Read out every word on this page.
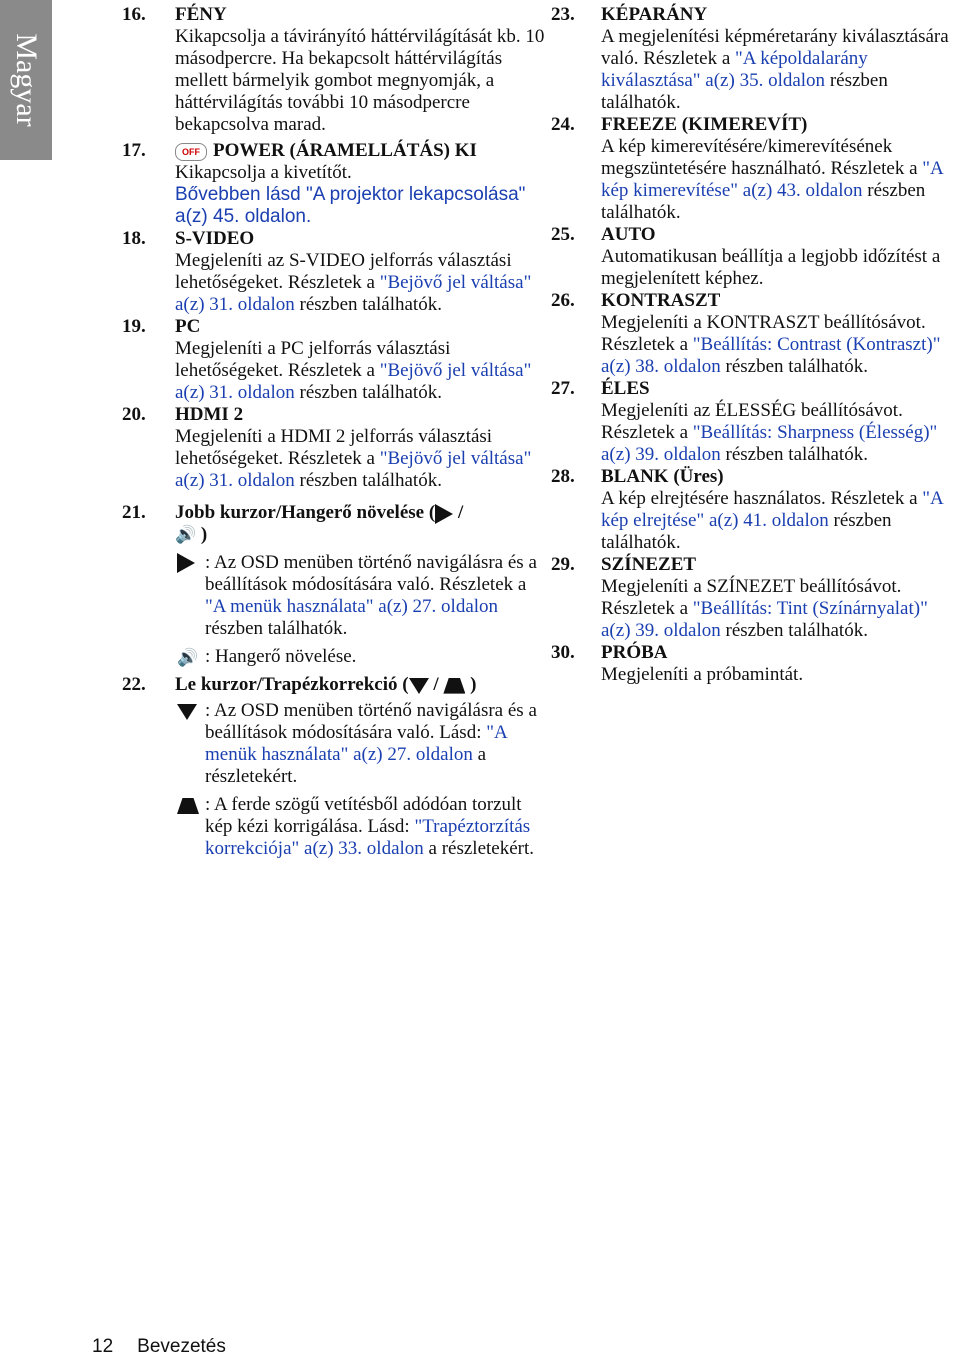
Magyar
16. FÉNY
Kikapcsolja a távirányító háttérvilágítását kb. 10 másodpercre. Ha bekapcsolt háttérvilágítás mellett bármelyik gombot megnyomják, a háttérvilágítás további 10 másodpercre bekapcsolva marad.
17.	OFF POWER (ÁRAMELLÁTÁS) KI
Kikapcsolja a kivetítőt.
Bővebben lásd "A projektor lekapcsolása" a(z) 45. oldalon.
18. S-VIDEO
Megjeleníti az S-VIDEO jelforrás választási lehetőségeket. Részletek a "Bejövő jel váltása" a(z) 31. oldalon részben találhatók.
19. PC
Megjeleníti a PC jelforrás választási lehetőségeket. Részletek a "Bejövő jel váltása" a(z) 31. oldalon részben találhatók.
20. HDMI 2
Megjeleníti a HDMI 2 jelforrás választási lehetőségeket. Részletek a "Bejövő jel váltása" a(z) 31. oldalon részben találhatók.
21. Jobb kurzor/Hangerő növelése ( /
🔊 )
: Az OSD menüben történő navigálásra és a beállítások módosítására való. Részletek a "A menük használata" a(z) 27. oldalon részben találhatók.
🔊 : Hangerő növelése.
22. Le kurzor/Trapézkorrekció ( / )
: Az OSD menüben történő navigálásra és a beállítások módosítására való. Lásd: "A menük használata" a(z) 27. oldalon a részletekért.
: A ferde szögű vetítésből adódóan torzult kép kézi korrigálása. Lásd: "Trapéztorzítás korrekciója" a(z) 33. oldalon a részletekért.
23. KÉPARÁNY
A megjelenítési képméretarány kiválasztására való. Részletek a "A képoldalarány kiválasztása" a(z) 35. oldalon részben találhatók.
24. FREEZE (KIMEREVÍT)
A kép kimerevítésére/kimerevítésének megszüntetésére használható. Részletek a "A kép kimerevítése" a(z) 43. oldalon részben találhatók.
25. AUTO
Automatikusan beállítja a legjobb időzítést a megjelenített képhez.
26. KONTRASZT
Megjeleníti a KONTRASZT beállítósávot. Részletek a "Beállítás: Contrast (Kontraszt)" a(z) 38. oldalon részben találhatók.
27. ÉLES
Megjeleníti az ÉLESSÉG beállítósávot. Részletek a "Beállítás: Sharpness (Élesség)" a(z) 39. oldalon részben találhatók.
28. BLANK (Üres)
A kép elrejtésére használatos. Részletek a "A kép elrejtése" a(z) 41. oldalon részben találhatók.
29. SZÍNEZET
Megjeleníti a SZÍNEZET beállítósávot. Részletek a "Beállítás: Tint (Színárnyalat)" a(z) 39. oldalon részben találhatók.
30. PRÓBA
Megjeleníti a próbamintát.
12 Bevezetés
